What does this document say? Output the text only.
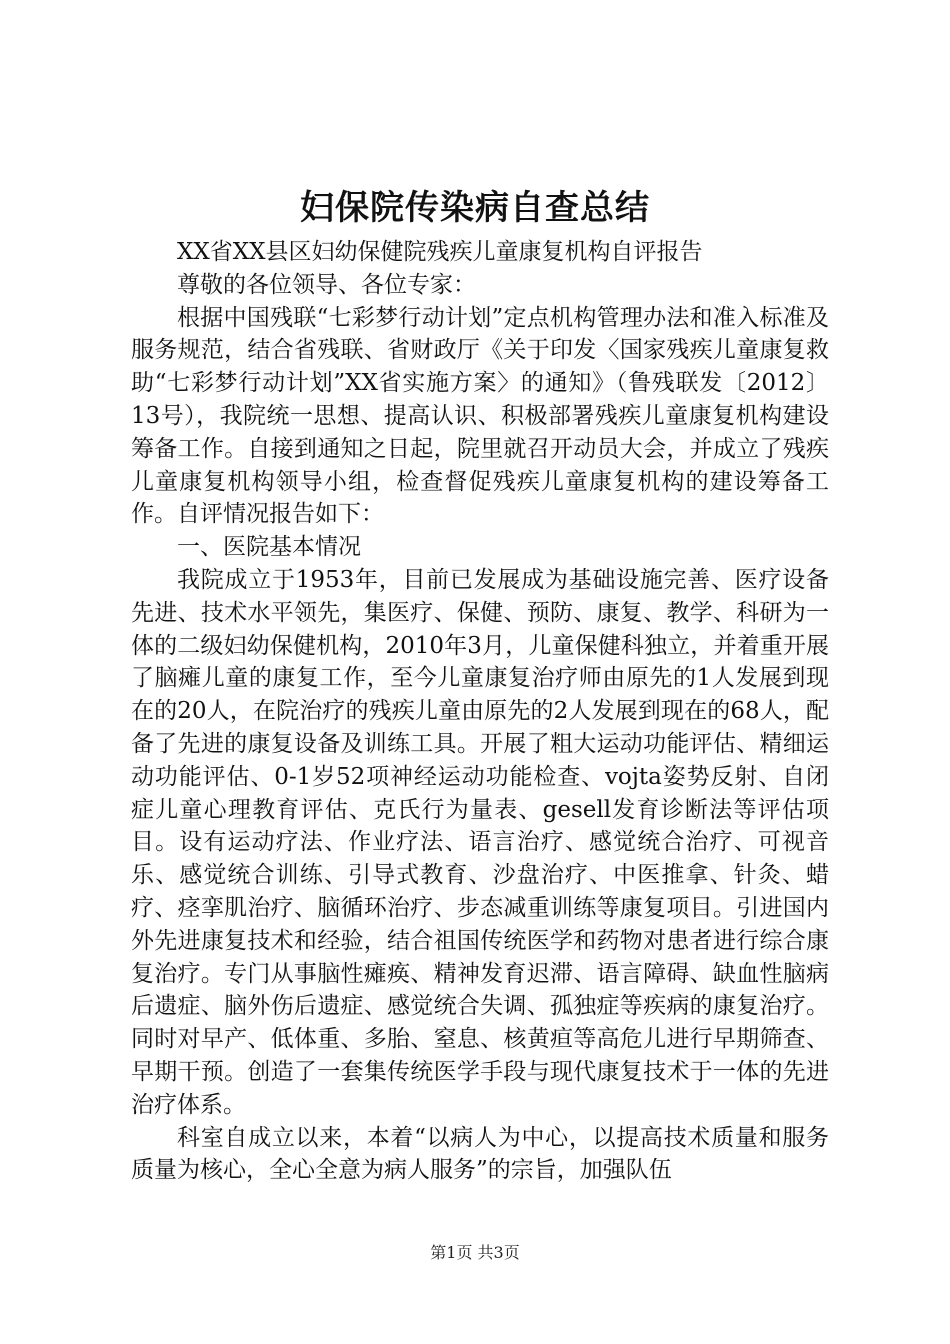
妇保院传染病自查总结

XX省XX县区妇幼保健院残疾儿童康复机构自评报告

尊敬的各位领导、各位专家：

根据中国残联“七彩梦行动计划”定点机构管理办法和准入标准及服务规范，结合省残联、省财政厅《关于印发〈国家残疾儿童康复救助“七彩梦行动计划”XX省实施方案〉的通知》（鲁残联发〔2012〕13号），我院统一思想、提高认识、积极部署残疾儿童康复机构建设筹备工作。自接到通知之日起，院里就召开动员大会，并成立了残疾儿童康复机构领导小组，检查督促残疾儿童康复机构的建设筹备工作。自评情况报告如下：

一、医院基本情况

我院成立于1953年，目前已发展成为基础设施完善、医疗设备先进、技术水平领先，集医疗、保健、预防、康复、教学、科研为一体的二级妇幼保健机构，2010年3月，儿童保健科独立，并着重开展了脑瘫儿童的康复工作，至今儿童康复治疗师由原先的1人发展到现在的20人，在院治疗的残疾儿童由原先的2人发展到现在的68人，配备了先进的康复设备及训练工具。开展了粗大运动功能评估、精细运动功能评估、0-1岁52项神经运动功能检查、vojta姿势反射、自闭症儿童心理教育评估、克氏行为量表、gesell发育诊断法等评估项目。设有运动疗法、作业疗法、语言治疗、感觉统合治疗、可视音乐、感觉统合训练、引导式教育、沙盘治疗、中医推拿、针灸、蜡疗、痉挛肌治疗、脑循环治疗、步态减重训练等康复项目。引进国内外先进康复技术和经验，结合祖国传统医学和药物对患者进行综合康复治疗。专门从事脑性瘫痪、精神发育迟滞、语言障碍、缺血性脑病后遗症、脑外伤后遗症、感觉统合失调、孤独症等疾病的康复治疗。同时对早产、低体重、多胎、窒息、核黄疸等高危儿进行早期筛查、早期干预。创造了一套集传统医学手段与现代康复技术于一体的先进治疗体系。

科室自成立以来，本着“以病人为中心，以提高技术质量和服务质量为核心，全心全意为病人服务”的宗旨，加强队伍

第1页 共3页
